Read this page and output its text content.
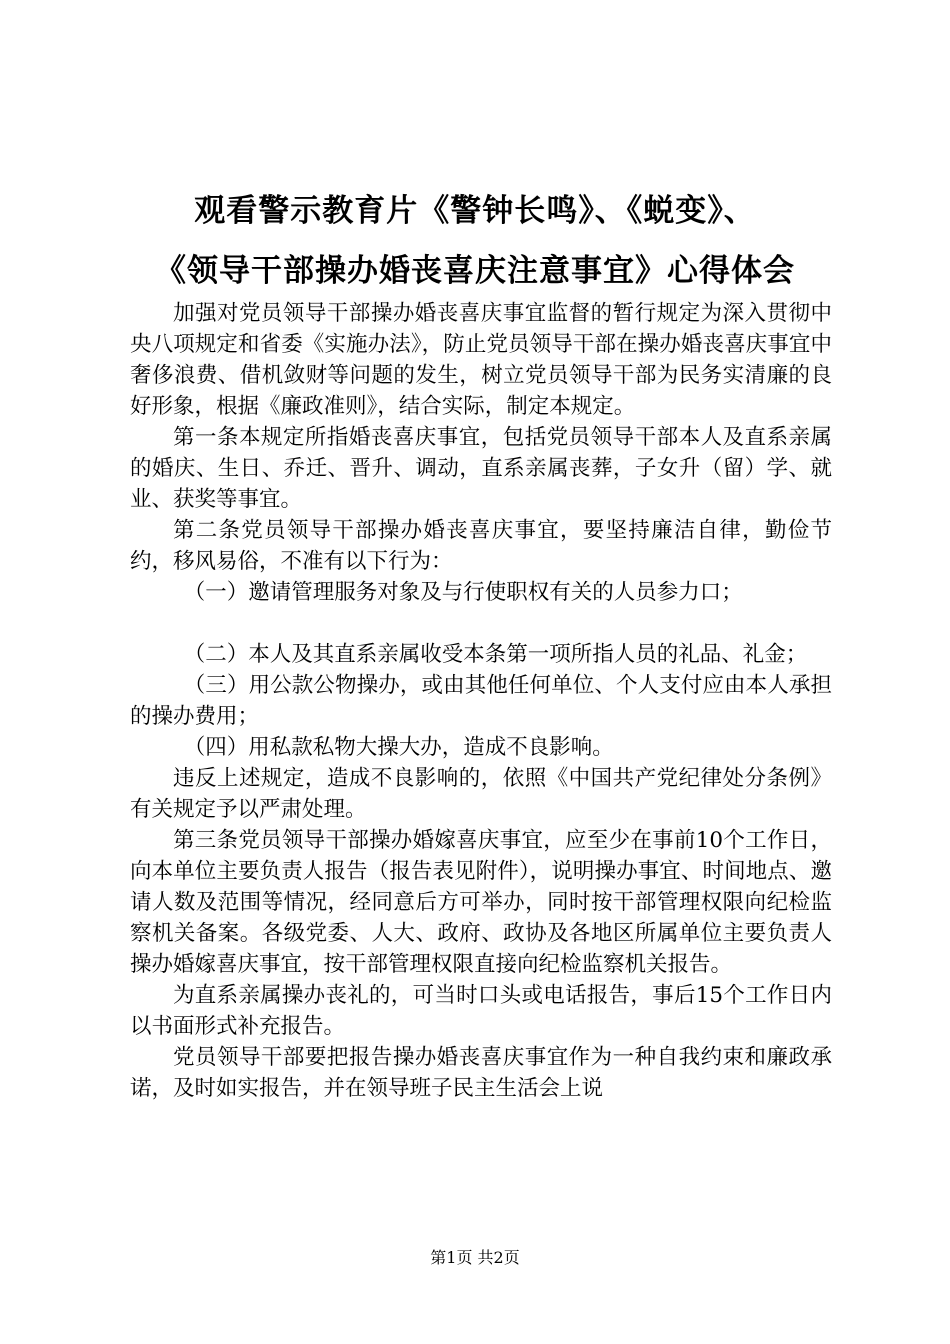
观看警示教育片《警钟长鸣》、《蜕变》、
《领导干部操办婚丧喜庆注意事宜》心得体会

加强对党员领导干部操办婚丧喜庆事宜监督的暂行规定为深入贯彻中央八项规定和省委《实施办法》，防止党员领导干部在操办婚丧喜庆事宜中奢侈浪费、借机敛财等问题的发生，树立党员领导干部为民务实清廉的良好形象，根据《廉政准则》，结合实际，制定本规定。

第一条本规定所指婚丧喜庆事宜，包括党员领导干部本人及直系亲属的婚庆、生日、乔迁、晋升、调动，直系亲属丧葬，子女升（留）学、就业、获奖等事宜。

第二条党员领导干部操办婚丧喜庆事宜，要坚持廉洁自律，勤俭节约，移风易俗，不准有以下行为：

（一）邀请管理服务对象及与行使职权有关的人员参力口；

（二）本人及其直系亲属收受本条第一项所指人员的礼品、礼金；

（三）用公款公物操办，或由其他任何单位、个人支付应由本人承担的操办费用；

（四）用私款私物大操大办，造成不良影响。

违反上述规定，造成不良影响的，依照《中国共产党纪律处分条例》有关规定予以严肃处理。

第三条党员领导干部操办婚嫁喜庆事宜，应至少在事前10个工作日，向本单位主要负责人报告（报告表见附件），说明操办事宜、时间地点、邀请人数及范围等情况，经同意后方可举办，同时按干部管理权限向纪检监察机关备案。各级党委、人大、政府、政协及各地区所属单位主要负责人操办婚嫁喜庆事宜，按干部管理权限直接向纪检监察机关报告。

为直系亲属操办丧礼的，可当时口头或电话报告，事后15个工作日内以书面形式补充报告。

党员领导干部要把报告操办婚丧喜庆事宜作为一种自我约束和廉政承诺，及时如实报告，并在领导班子民主生活会上说

第1页 共2页
